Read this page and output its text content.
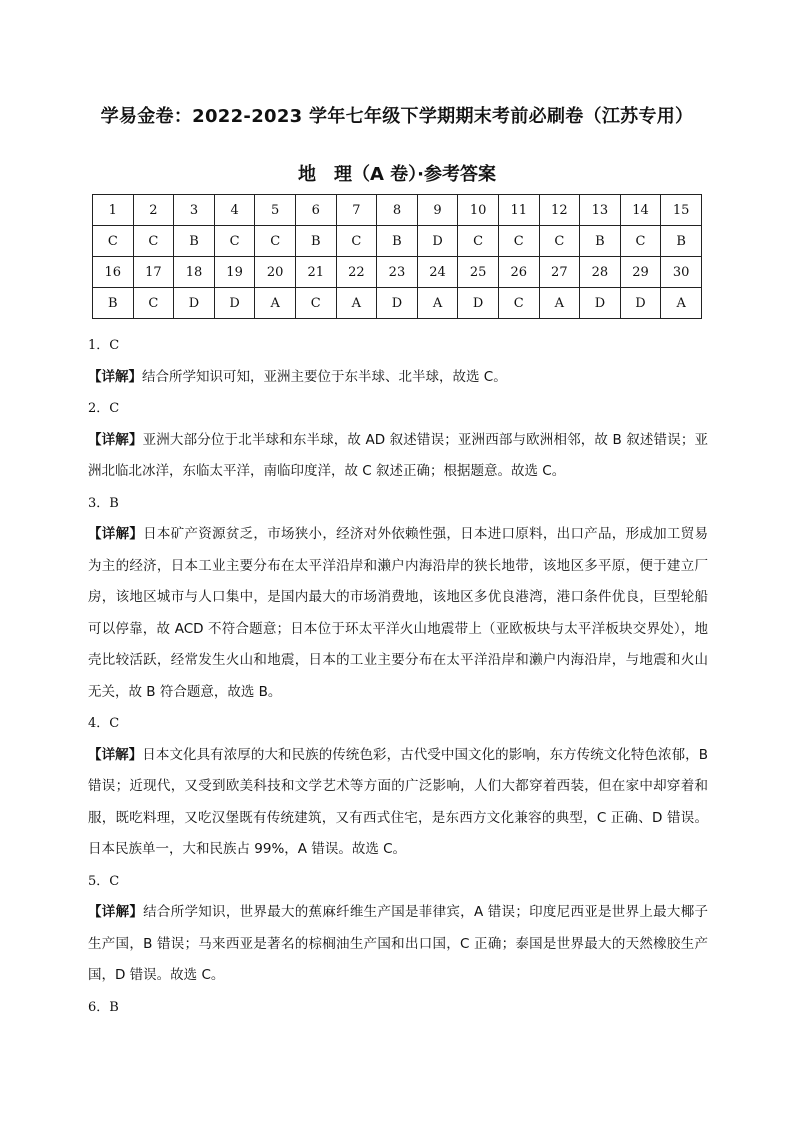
学易金卷：2022-2023 学年七年级下学期期末考前必刷卷（江苏专用）
地　理（A 卷）·参考答案
1	2	3	4	5	6	7	8	9	10	11	12	13	14	15
C	C	B	C	C	B	C	B	D	C	C	C	B	C	B
16	17	18	19	20	21	22	23	24	25	26	27	28	29	30
B	C	D	D	A	C	A	D	A	D	C	A	D	D	A

1．C

【详解】结合所学知识可知，亚洲主要位于东半球、北半球，故选 C。

2．C

【详解】亚洲大部分位于北半球和东半球，故 AD 叙述错误；亚洲西部与欧洲相邻，故 B 叙述错误；亚洲北临北冰洋，东临太平洋，南临印度洋，故 C 叙述正确；根据题意。故选 C。

3．B

【详解】日本矿产资源贫乏，市场狭小，经济对外依赖性强，日本进口原料，出口产品，形成加工贸易为主的经济，日本工业主要分布在太平洋沿岸和濑户内海沿岸的狭长地带，该地区多平原，便于建立厂房，该地区城市与人口集中，是国内最大的市场消费地，该地区多优良港湾，港口条件优良，巨型轮船可以停靠，故 ACD 不符合题意；日本位于环太平洋火山地震带上（亚欧板块与太平洋板块交界处），地壳比较活跃，经常发生火山和地震，日本的工业主要分布在太平洋沿岸和濑户内海沿岸，与地震和火山无关，故 B 符合题意，故选 B。

4．C

【详解】日本文化具有浓厚的大和民族的传统色彩，古代受中国文化的影响，东方传统文化特色浓郁，B 错误；近现代，又受到欧美科技和文学艺术等方面的广泛影响，人们大都穿着西装，但在家中却穿着和服，既吃料理，又吃汉堡既有传统建筑，又有西式住宅，是东西方文化兼容的典型，C 正确、D 错误。日本民族单一，大和民族占 99%，A 错误。故选 C。

5．C

【详解】结合所学知识，世界最大的蕉麻纤维生产国是菲律宾，A 错误；印度尼西亚是世界上最大椰子生产国，B 错误；马来西亚是著名的棕榈油生产国和出口国，C 正确；泰国是世界最大的天然橡胶生产国，D 错误。故选 C。

6．B
